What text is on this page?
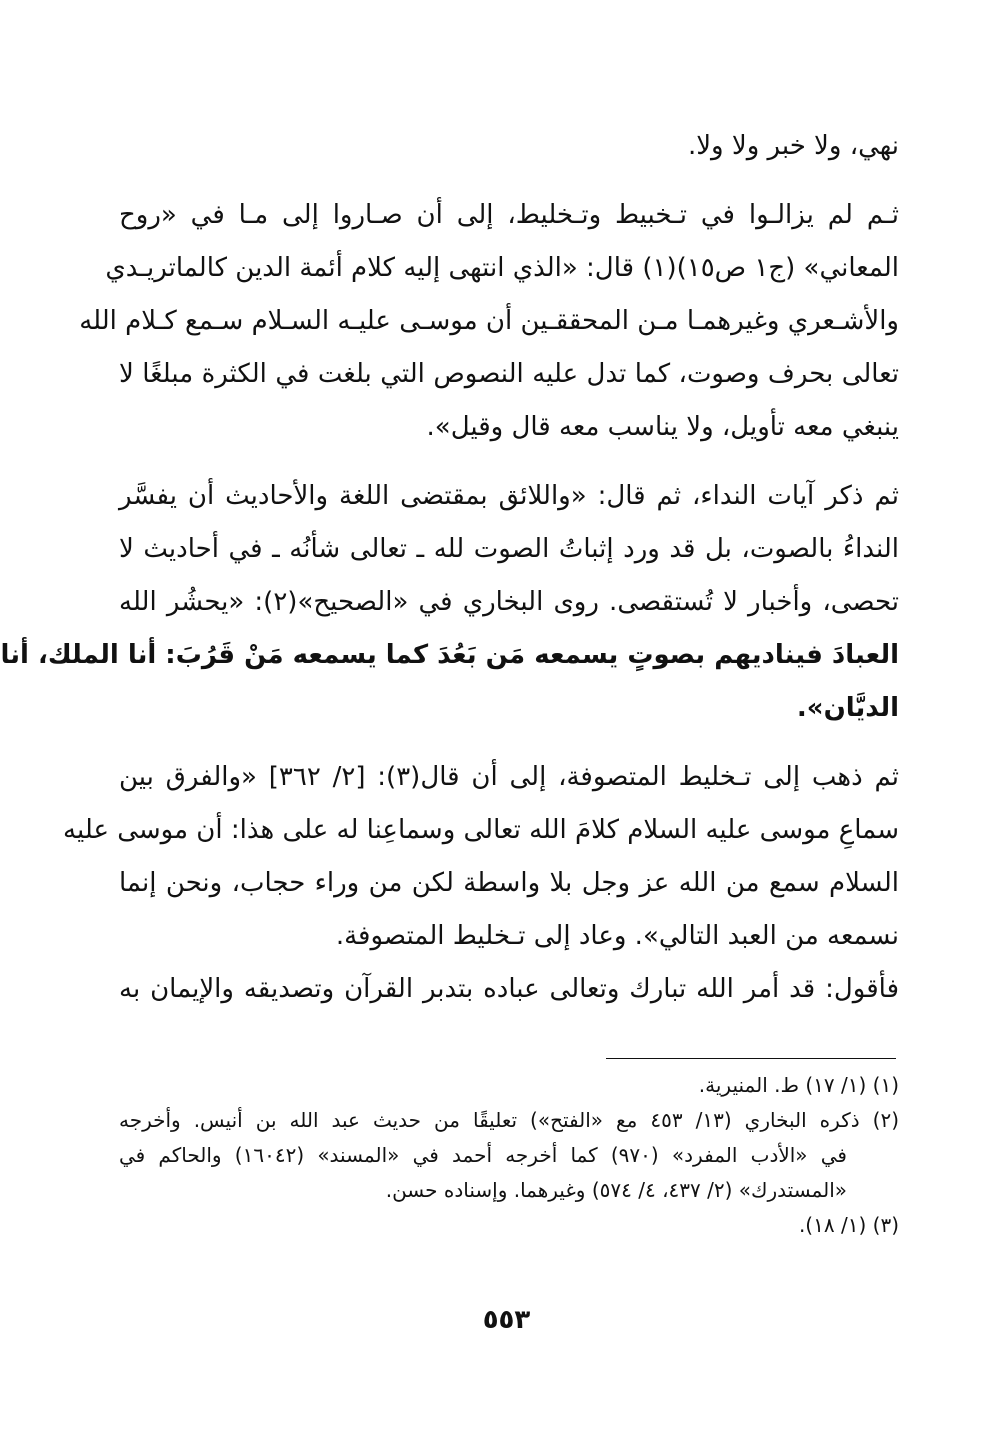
نهي، ولا خبر ولا ولا.
ثـم لم يزالـوا في تـخبيط وتـخليط، إلى أن صـاروا إلى مـا في «روح
المعاني» (ج١ ص١٥)(١) قال: «الذي انتهى إليه كلام أئمة الدين كالماتريـدي
والأشـعري وغيرهمـا مـن المحققـين أن موسـى عليـه السـلام سـمع كـلام الله
تعالى بحرف وصوت، كما تدل عليه النصوص التي بلغت في الكثرة مبلغًا لا
ينبغي معه تأويل، ولا يناسب معه قال وقيل».
ثم ذكر آيات النداء، ثم قال: «واللائق بمقتضى اللغة والأحاديث أن يفسَّر
النداءُ بالصوت، بل قد ورد إثباتُ الصوت لله ـ تعالى شأنُه ـ في أحاديث لا
تحصى، وأخبار لا تُستقصى. روى البخاري في «الصحيح»(٢): «يحشُر الله
العبادَ فيناديهم بصوتٍ يسمعه مَن بَعُدَ كما يسمعه مَنْ قَرُبَ: أنا الملك، أنا
الديَّان».
ثم ذهب إلى تـخليط المتصوفة، إلى أن قال(٣): [٢/ ٣٦٢] «والفرق بين
سماعِ موسى عليه السلام كلامَ الله تعالى وسماعِنا له على هذا: أن موسى عليه
السلام سمع من الله عز وجل بلا واسطة لكن من وراء حجاب، ونحن إنما
نسمعه من العبد التالي». وعاد إلى تـخليط المتصوفة.
فأقول: قد أمر الله تبارك وتعالى عباده بتدبر القرآن وتصديقه والإيمان به
(١) (١/ ١٧) ط. المنيرية.
(٢) ذكره البخاري (١٣/ ٤٥٣ مع «الفتح») تعليقًا من حديث عبد الله بن أنيس. وأخرجه
في «الأدب المفرد» (٩٧٠) كما أخرجه أحمد في «المسند» (١٦٠٤٢) والحاكم في
«المستدرك» (٢/ ٤٣٧، ٤/ ٥٧٤) وغيرهما. وإسناده حسن.
(٣) (١/ ١٨).
٥٥٣
